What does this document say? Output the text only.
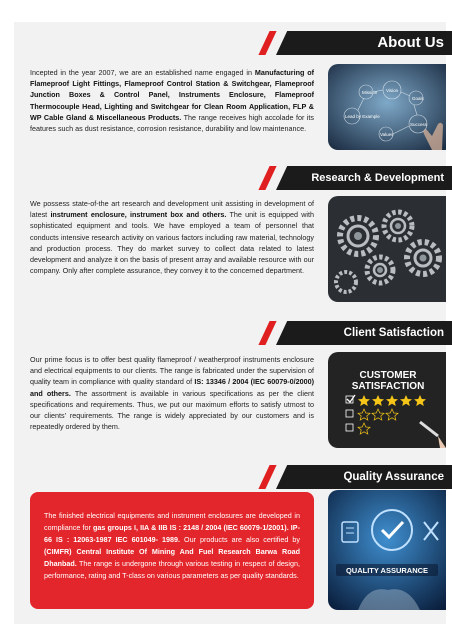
About Us
Incepted in the year 2007, we are an established name engaged in Manufacturing of Flameproof Light Fittings, Flameproof Control Station & Switchgear, Flameproof Junction Boxes & Control Panel, Instruments Enclosure, Flameproof Thermocouple Head, Lighting and Switchgear for Clean Room Application, FLP & WP Cable Gland & Miscellaneous Products. The range receives high accolade for its features such as dust resistance, corrosion resistance, durability and low maintenance.
Mission Vision
Goals
Lead by Example
Success
Values
Research & Development
We possess state-of-the art research and development unit assisting in development of latest instrument enclosure, instrument box and others. The unit is equipped with sophisticated equipment and tools. We have employed a team of personnel that conducts intensive research activity on various factors including raw material, technology and production process. They do market survey to collect data related to latest development and analyze it on the basis of present array and available resource with our company. Only after complete assurance, they convey it to the concerned department.
Client Satisfaction
Our prime focus is to offer best quality flameproof / weatherproof instruments enclosure and electrical equipments to our clients. The range is fabricated under the supervision of quality team in compliance with quality standard of IS: 13346 / 2004 (IEC 60079-0/2000) and others. The assortment is available in various specifications as per the client specifications and requirements. Thus, we put our maximum efforts to satisfy utmost to our clients' requirements. The range is widely appreciated by our customers and is repeatedly ordered by them.
CUSTOMER
SATISFACTION
Quality Assurance
The finished electrical equipments and instrument enclosures are developed in compliance for gas groups I, IIA & IIB IS : 2148 / 2004 (IEC 60079-1/2001). IP-66 IS : 12063-1987 IEC 601049- 1989. Our products are also certified by (CIMFR) Central Institute Of Mining And Fuel Research Barwa Road Dhanbad. The range is undergone through various testing in respect of design, performance, rating and T-class on various parameters as per quality standards.
QUALITY ASSURANCE
